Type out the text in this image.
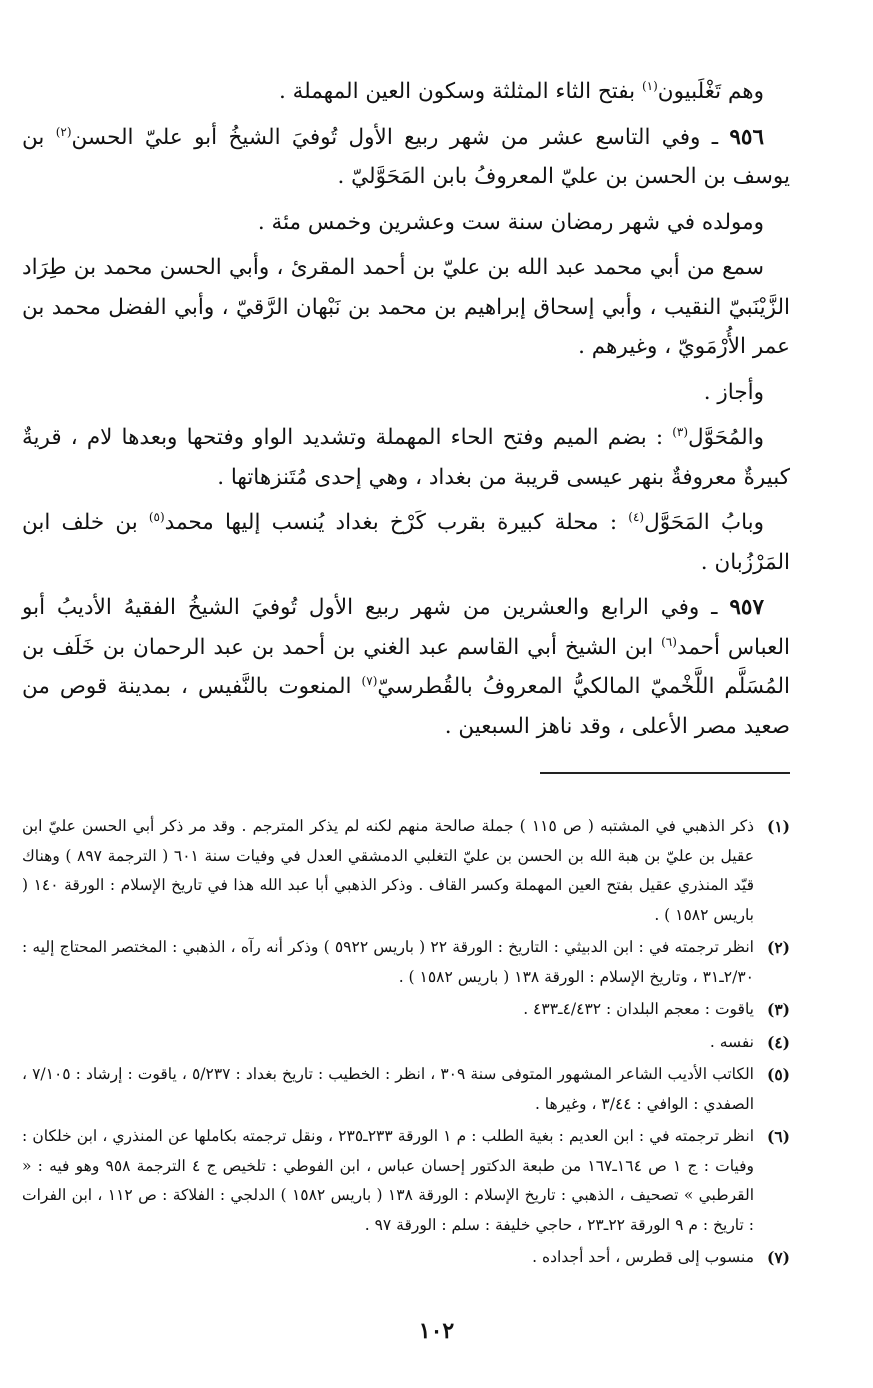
وهم تَغْلَبيون$^{(١)}$ بفتح الثاء المثلثة وسكون العين المهملة .

٩٥٦ ـ وفي التاسع عشر من شهر ربيع الأول تُوفيَ الشيخُ أبو عليّ الحسن$^{(٢)}$ بن يوسف بن الحسن بن عليّ المعروفُ بابن المَحَوَّليّ .

ومولده في شهر رمضان سنة ست وعشرين وخمس مئة .

سمع من أبي محمد عبد الله بن عليّ بن أحمد المقرئ ، وأبي الحسن محمد بن طِرَاد الزَّيْنَبيّ النقيب ، وأبي إسحاق إبراهيم بن محمد بن نَبْهان الرَّقيّ ، وأبي الفضل محمد بن عمر الأُرْمَويّ ، وغيرهم .

وأجاز .

والمُحَوَّل$^{(٣)}$ : بضم الميم وفتح الحاء المهملة وتشديد الواو وفتحها وبعدها لام ، قريةٌ كبيرةٌ معروفةٌ بنهر عيسى قريبة من بغداد ، وهي إحدى مُتَنزهاتها .

وبابُ المَحَوَّل$^{(٤)}$ : محلة كبيرة بقرب كَرْخ بغداد يُنسب إليها محمد$^{(٥)}$ بن خلف ابن المَرْزُبان .

٩٥٧ ـ وفي الرابع والعشرين من شهر ربيع الأول تُوفيَ الشيخُ الفقيهُ الأديبُ أبو العباس أحمد$^{(٦)}$ ابن الشيخ أبي القاسم عبد الغني بن أحمد بن عبد الرحمان بن خَلَف بن المُسَلَّم اللَّخْميّ المالكيُّ المعروفُ بالقُطرسيّ$^{(٧)}$ المنعوت بالنَّفيس ، بمدينة قوص من صعيد مصر الأعلى ، وقد ناهز السبعين .

(١)
ذكر الذهبي في المشتبه ( ص ١١٥ ) جملة صالحة منهم لكنه لم يذكر المترجم . وقد مر ذكر أبي الحسن عليّ ابن عقيل بن عليّ بن هبة الله بن الحسن بن عليّ التغلبي الدمشقي العدل في وفيات سنة ٦٠١ ( الترجمة ٨٩٧ ) وهناك قيّد المنذري عقيل بفتح العين المهملة وكسر القاف . وذكر الذهبي أبا عبد الله هذا في تاريخ الإسلام : الورقة ١٤٠ ( باريس ١٥٨٢ ) .
(٢)
انظر ترجمته في : ابن الدبيثي : التاريخ : الورقة ٢٢ ( باريس ٥٩٢٢ ) وذكر أنه رآه ، الذهبي : المختصر المحتاج إليه : ٢/٣٠ـ٣١ ، وتاريخ الإسلام : الورقة ١٣٨ ( باريس ١٥٨٢ ) .
(٣)
ياقوت : معجم البلدان : ٤/٤٣٢ـ٤٣٣ .
(٤)
نفسه .
(٥)
الكاتب الأديب الشاعر المشهور المتوفى سنة ٣٠٩ ، انظر : الخطيب : تاريخ بغداد : ٥/٢٣٧ ، ياقوت : إرشاد : ٧/١٠٥ ، الصفدي : الوافي : ٣/٤٤ ، وغيرها .
(٦)
انظر ترجمته في : ابن العديم : بغية الطلب : م ١ الورقة ٢٣٣ـ٢٣٥ ، ونقل ترجمته بكاملها عن المنذري ، ابن خلكان : وفيات : ج ١ ص ١٦٤ـ١٦٧ من طبعة الدكتور إحسان عباس ، ابن الفوطي : تلخيص ج ٤ الترجمة ٩٥٨ وهو فيه : « القرطبي » تصحيف ، الذهبي : تاريخ الإسلام : الورقة ١٣٨ ( باريس ١٥٨٢ ) الدلجي : الفلاكة : ص ١١٢ ، ابن الفرات : تاريخ : م ٩ الورقة ٢٢ـ٢٣ ، حاجي خليفة : سلم : الورقة ٩٧ .
(٧)
منسوب إلى قطرس ، أحد أجداده .
١٠٢
